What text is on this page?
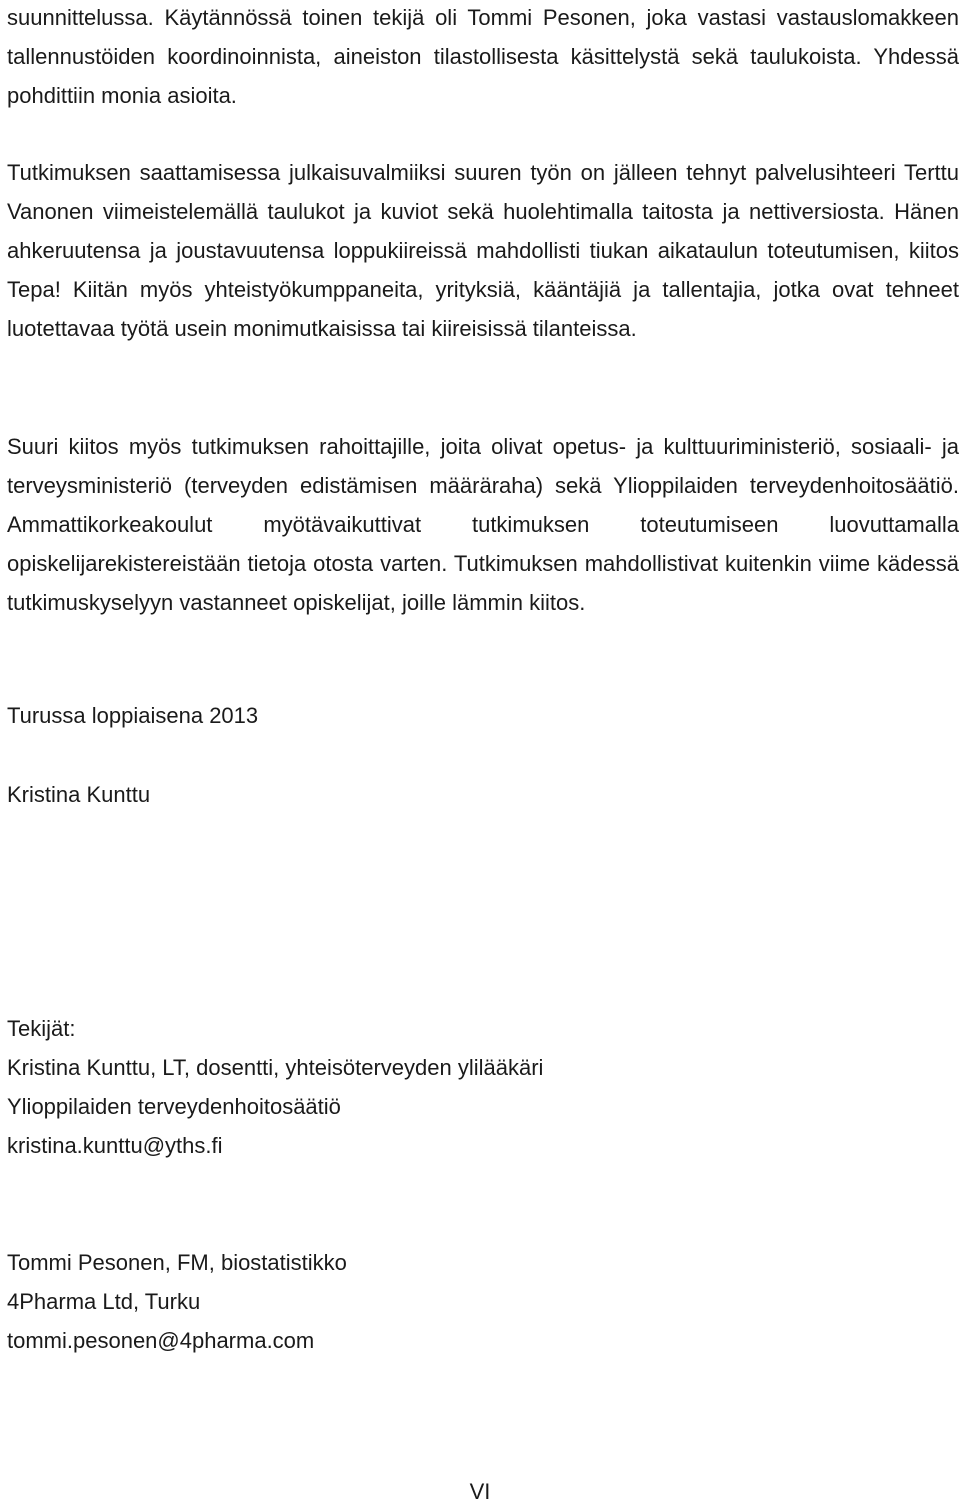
suunnittelussa. Käytännössä toinen tekijä oli Tommi Pesonen, joka vastasi vastauslomakkeen tallennustöiden koordinoinnista, aineiston tilastollisesta käsittelystä sekä taulukoista. Yhdessä pohdittiin monia asioita.

Tutkimuksen saattamisessa julkaisuvalmiiksi suuren työn on jälleen tehnyt palvelusihteeri Terttu Vanonen viimeistelemällä taulukot ja kuviot sekä huolehtimalla taitosta ja nettiversiosta. Hänen ahkeruutensa ja joustavuutensa loppukiireissä mahdollisti tiukan aikataulun toteutumisen, kiitos Tepa! Kiitän myös yhteistyökumppaneita, yrityksiä, kääntäjiä ja tallentajia, jotka ovat tehneet luotettavaa työtä usein monimutkaisissa tai kiireisissä tilanteissa.

Suuri kiitos myös tutkimuksen rahoittajille, joita olivat opetus- ja kulttuuriministeriö, sosiaali- ja terveysministeriö (terveyden edistämisen määräraha) sekä Ylioppilaiden terveydenhoitosäätiö. Ammattikorkeakoulut myötävaikuttivat tutkimuksen toteutumiseen luovuttamalla opiskelijarekistereistään tietoja otosta varten. Tutkimuksen mahdollistivat kuitenkin viime kädessä tutkimuskyselyyn vastanneet opiskelijat, joille lämmin kiitos.

Turussa loppiaisena 2013

Kristina Kunttu

Tekijät:

Kristina Kunttu, LT, dosentti, yhteisöterveyden ylilääkäri

Ylioppilaiden terveydenhoitosäätiö

kristina.kunttu@yths.fi

Tommi Pesonen, FM, biostatistikko

4Pharma Ltd, Turku

tommi.pesonen@4pharma.com

VI
